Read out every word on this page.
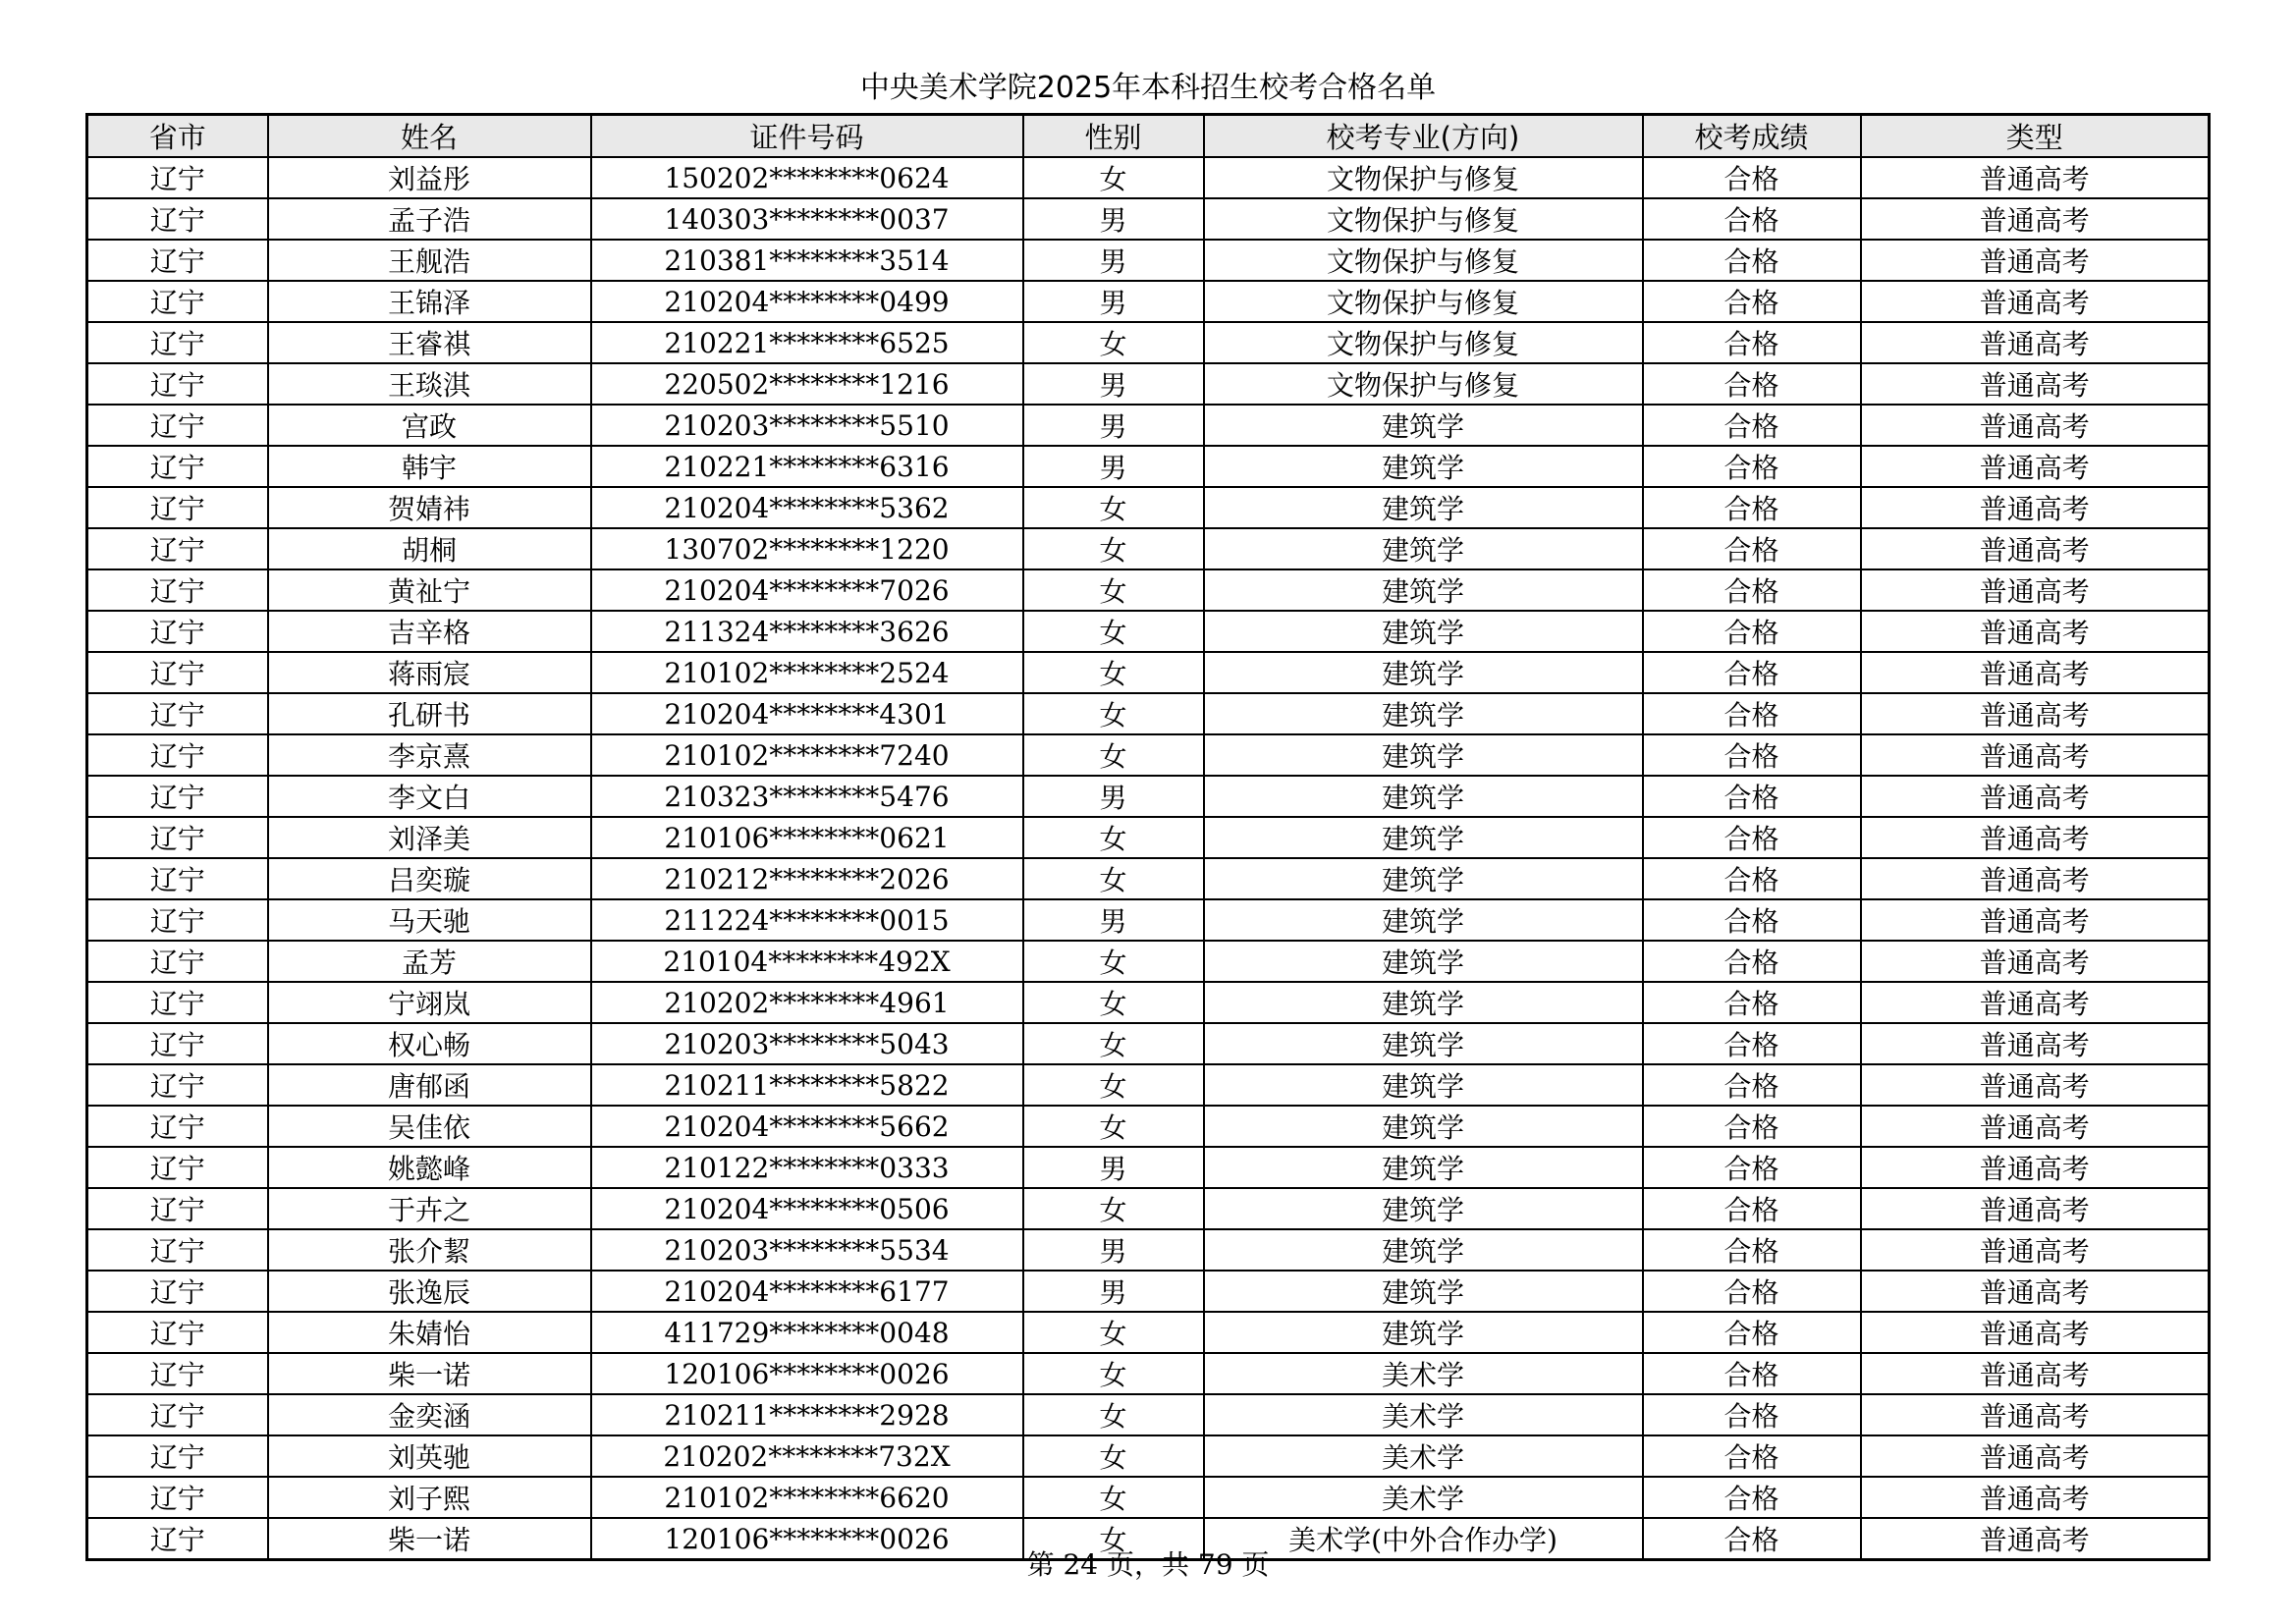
中央美术学院2025年本科招生校考合格名单
省市	姓名	证件号码	性别	校考专业(方向)	校考成绩	类型
辽宁	刘益彤	150202********0624	女	文物保护与修复	合格	普通高考
辽宁	孟子浩	140303********0037	男	文物保护与修复	合格	普通高考
辽宁	王舰浩	210381********3514	男	文物保护与修复	合格	普通高考
辽宁	王锦泽	210204********0499	男	文物保护与修复	合格	普通高考
辽宁	王睿祺	210221********6525	女	文物保护与修复	合格	普通高考
辽宁	王琰淇	220502********1216	男	文物保护与修复	合格	普通高考
辽宁	宫政	210203********5510	男	建筑学	合格	普通高考
辽宁	韩宇	210221********6316	男	建筑学	合格	普通高考
辽宁	贺婧祎	210204********5362	女	建筑学	合格	普通高考
辽宁	胡桐	130702********1220	女	建筑学	合格	普通高考
辽宁	黄祉宁	210204********7026	女	建筑学	合格	普通高考
辽宁	吉辛格	211324********3626	女	建筑学	合格	普通高考
辽宁	蒋雨宸	210102********2524	女	建筑学	合格	普通高考
辽宁	孔研书	210204********4301	女	建筑学	合格	普通高考
辽宁	李京熹	210102********7240	女	建筑学	合格	普通高考
辽宁	李文白	210323********5476	男	建筑学	合格	普通高考
辽宁	刘泽美	210106********0621	女	建筑学	合格	普通高考
辽宁	吕奕璇	210212********2026	女	建筑学	合格	普通高考
辽宁	马天驰	211224********0015	男	建筑学	合格	普通高考
辽宁	孟芳	210104********492X	女	建筑学	合格	普通高考
辽宁	宁翊岚	210202********4961	女	建筑学	合格	普通高考
辽宁	权心畅	210203********5043	女	建筑学	合格	普通高考
辽宁	唐郁函	210211********5822	女	建筑学	合格	普通高考
辽宁	吴佳依	210204********5662	女	建筑学	合格	普通高考
辽宁	姚懿峰	210122********0333	男	建筑学	合格	普通高考
辽宁	于卉之	210204********0506	女	建筑学	合格	普通高考
辽宁	张介絜	210203********5534	男	建筑学	合格	普通高考
辽宁	张逸辰	210204********6177	男	建筑学	合格	普通高考
辽宁	朱婧怡	411729********0048	女	建筑学	合格	普通高考
辽宁	柴一诺	120106********0026	女	美术学	合格	普通高考
辽宁	金奕涵	210211********2928	女	美术学	合格	普通高考
辽宁	刘英驰	210202********732X	女	美术学	合格	普通高考
辽宁	刘子熙	210102********6620	女	美术学	合格	普通高考
辽宁	柴一诺	120106********0026	女	美术学(中外合作办学)	合格	普通高考
第 24 页，共 79 页
